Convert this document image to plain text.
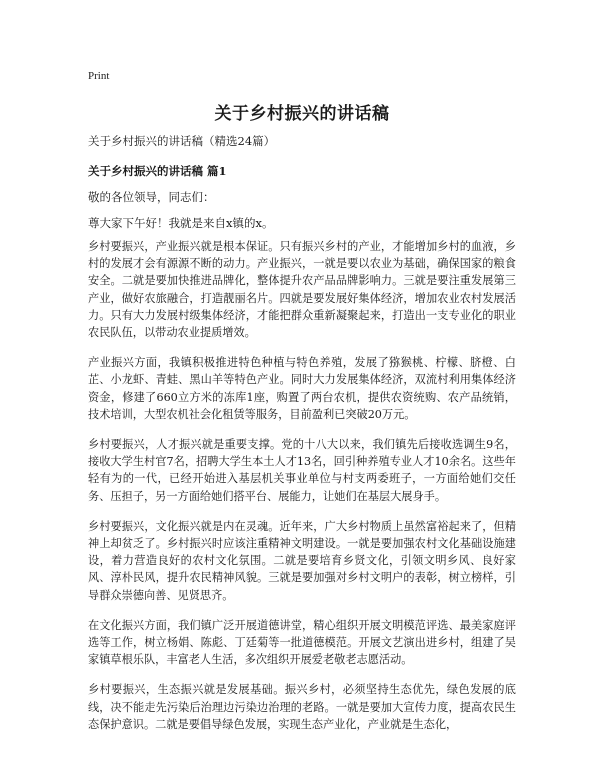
Print
关于乡村振兴的讲话稿
关于乡村振兴的讲话稿（精选24篇）
关于乡村振兴的讲话稿 篇1
敬的各位领导，同志们：
尊大家下午好！我就是来自x镇的x。

乡村要振兴，产业振兴就是根本保证。只有振兴乡村的产业，才能增加乡村的血液，乡村的发展才会有源源不断的动力。产业振兴，一就是要以农业为基础，确保国家的粮食安全。二就是要加快推进品牌化，整体提升农产品品牌影响力。三就是要注重发展第三产业，做好农旅融合，打造靓丽名片。四就是要发展好集体经济，增加农业农村发展活力。只有大力发展村级集体经济，才能把群众重新凝聚起来，打造出一支专业化的职业农民队伍，以带动农业提质增效。

产业振兴方面，我镇积极推进特色种植与特色养殖，发展了猕猴桃、柠檬、脐橙、白芷、小龙虾、青蛙、黑山羊等特色产业。同时大力发展集体经济，双流村利用集体经济资金，修建了660立方米的冻库1座，购置了两台农机，提供农资统购、农产品统销，技术培训，大型农机社会化租赁等服务，目前盈利已突破20万元。

乡村要振兴，人才振兴就是重要支撑。党的十八大以来，我们镇先后接收选调生9名，接收大学生村官7名，招聘大学生本土人才13名，回引种养殖专业人才10余名。这些年轻有为的一代，已经开始进入基层机关事业单位与村支两委班子，一方面给她们交任务、压担子，另一方面给她们搭平台、展能力，让她们在基层大展身手。

乡村要振兴，文化振兴就是内在灵魂。近年来，广大乡村物质上虽然富裕起来了，但精神上却贫乏了。乡村振兴时应该注重精神文明建设。一就是要加强农村文化基础设施建设，着力营造良好的农村文化氛围。二就是要培育乡贤文化，引领文明乡风、良好家风、淳朴民风，提升农民精神风貌。三就是要加强对乡村文明户的表彰，树立榜样，引导群众崇德向善、见贤思齐。

在文化振兴方面，我们镇广泛开展道德讲堂，精心组织开展文明模范评选、最美家庭评选等工作，树立杨娟、陈彪、丁廷菊等一批道德模范。开展文艺演出进乡村，组建了吴家镇草根乐队，丰富老人生活，多次组织开展爱老敬老志愿活动。

乡村要振兴，生态振兴就是发展基础。振兴乡村，必须坚持生态优先，绿色发展的底线，决不能走先污染后治理边污染边治理的老路。一就是要加大宣传力度，提高农民生态保护意识。二就是要倡导绿色发展，实现生态产业化，产业就是生态化，
